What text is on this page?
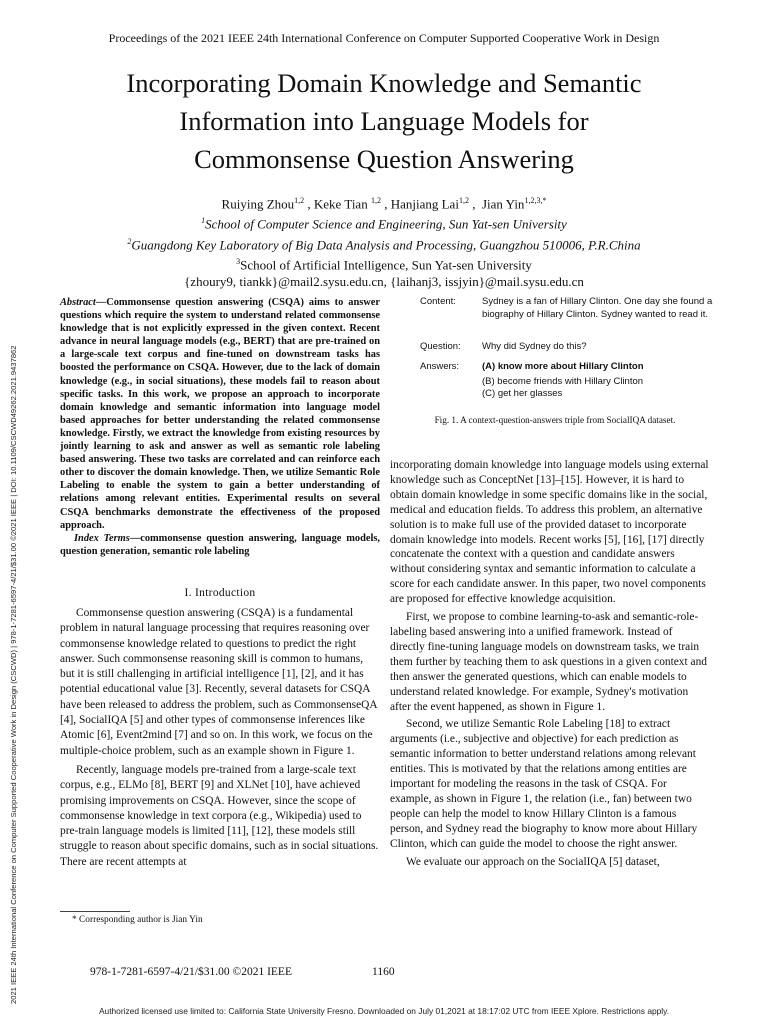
Proceedings of the 2021 IEEE 24th International Conference on Computer Supported Cooperative Work in Design
Incorporating Domain Knowledge and Semantic
Information into Language Models for
Commonsense Question Answering
Ruiying Zhou$^{1,2}$ , Keke Tian $^{1,2}$ , Hanjiang Lai$^{1,2}$ ,  Jian Yin$^{1,2,3,*}$
$^1$School of Computer Science and Engineering, Sun Yat-sen University
$^2$Guangdong Key Laboratory of Big Data Analysis and Processing, Guangzhou 510006, P.R.China
$^3$School of Artificial Intelligence, Sun Yat-sen University
{zhoury9, tiankk}@mail2.sysu.edu.cn, {laihanj3, issjyin}@mail.sysu.edu.cn
2021 IEEE 24th International Conference on Computer Supported Cooperative Work in Design (CSCWD) | 978-1-7281-6597-4/21/$31.00 ©2021 IEEE | DOI: 10.1109/CSCWD49262.2021.9437862
Abstract—Commonsense question answering (CSQA) aims to answer questions which require the system to understand related commonsense knowledge that is not explicitly expressed in the given context. Recent advance in neural language models (e.g., BERT) that are pre-trained on a large-scale text corpus and fine-tuned on downstream tasks has boosted the performance on CSQA. However, due to the lack of domain knowledge (e.g., in social situations), these models fail to reason about specific tasks. In this work, we propose an approach to incorporate domain knowledge and semantic information into language model based approaches for better understanding the related commonsense knowledge. Firstly, we extract the knowledge from existing resources by jointly learning to ask and answer as well as semantic role labeling based answering. These two tasks are correlated and can reinforce each other to discover the domain knowledge. Then, we utilize Semantic Role Labeling to enable the system to gain a better understanding of relations among relevant entities. Experimental results on several CSQA benchmarks demonstrate the effectiveness of the proposed approach.
Index Terms—commonsense question answering, language models, question generation, semantic role labeling
I. Introduction

Commonsense question answering (CSQA) is a fundamental problem in natural language processing that requires reasoning over commonsense knowledge related to questions to predict the right answer. Such commonsense reasoning skill is common to humans, but it is still challenging in artificial intelligence [1], [2], and it has potential educational value [3]. Recently, several datasets for CSQA have been released to address the problem, such as CommonsenseQA [4], SocialIQA [5] and other types of commonsense inferences like Atomic [6], Event2mind [7] and so on. In this work, we focus on the multiple-choice problem, such as an example shown in Figure 1.

Recently, language models pre-trained from a large-scale text corpus, e.g., ELMo [8], BERT [9] and XLNet [10], have achieved promising improvements on CSQA. However, since the scope of commonsense knowledge in text corpora (e.g., Wikipedia) used to pre-train language models is limited [11], [12], these models still struggle to reason about specific domains, such as in social situations. There are recent attempts at

* Corresponding author is Jian Yin
Content:	Sydney is a fan of Hillary Clinton. One day she found a biography of Hillary Clinton. Sydney wanted to read it.
Question:	Why did Sydney do this?
Answers:	(A) know more about Hillary Clinton
(B) become friends with Hillary Clinton
(C) get her glasses
Fig. 1. A context-question-answers triple from SocialIQA dataset.

incorporating domain knowledge into language models using external knowledge such as ConceptNet [13]–[15]. However, it is hard to obtain domain knowledge in some specific domains like in the social, medical and education fields. To address this problem, an alternative solution is to make full use of the provided dataset to incorporate domain knowledge into models. Recent works [5], [16], [17] directly concatenate the context with a question and candidate answers without considering syntax and semantic information to calculate a score for each candidate answer. In this paper, two novel components are proposed for effective knowledge acquisition.

First, we propose to combine learning-to-ask and semantic-role-labeling based answering into a unified framework. Instead of directly fine-tuning language models on downstream tasks, we train them further by teaching them to ask questions in a given context and then answer the generated questions, which can enable models to understand related knowledge. For example, Sydney's motivation after the event happened, as shown in Figure 1.

Second, we utilize Semantic Role Labeling [18] to extract arguments (i.e., subjective and objective) for each prediction as semantic information to better understand relations among relevant entities. This is motivated by that the relations among entities are important for modeling the reasons in the task of CSQA. For example, as shown in Figure 1, the relation (i.e., fan) between two people can help the model to know Hillary Clinton is a famous person, and Sydney read the biography to know more about Hillary Clinton, which can guide the model to choose the right answer.

We evaluate our approach on the SocialIQA [5] dataset,

978-1-7281-6597-4/21/$31.00 ©2021 IEEE	1160
Authorized licensed use limited to: California State University Fresno. Downloaded on July 01,2021 at 18:17:02 UTC from IEEE Xplore. Restrictions apply.
